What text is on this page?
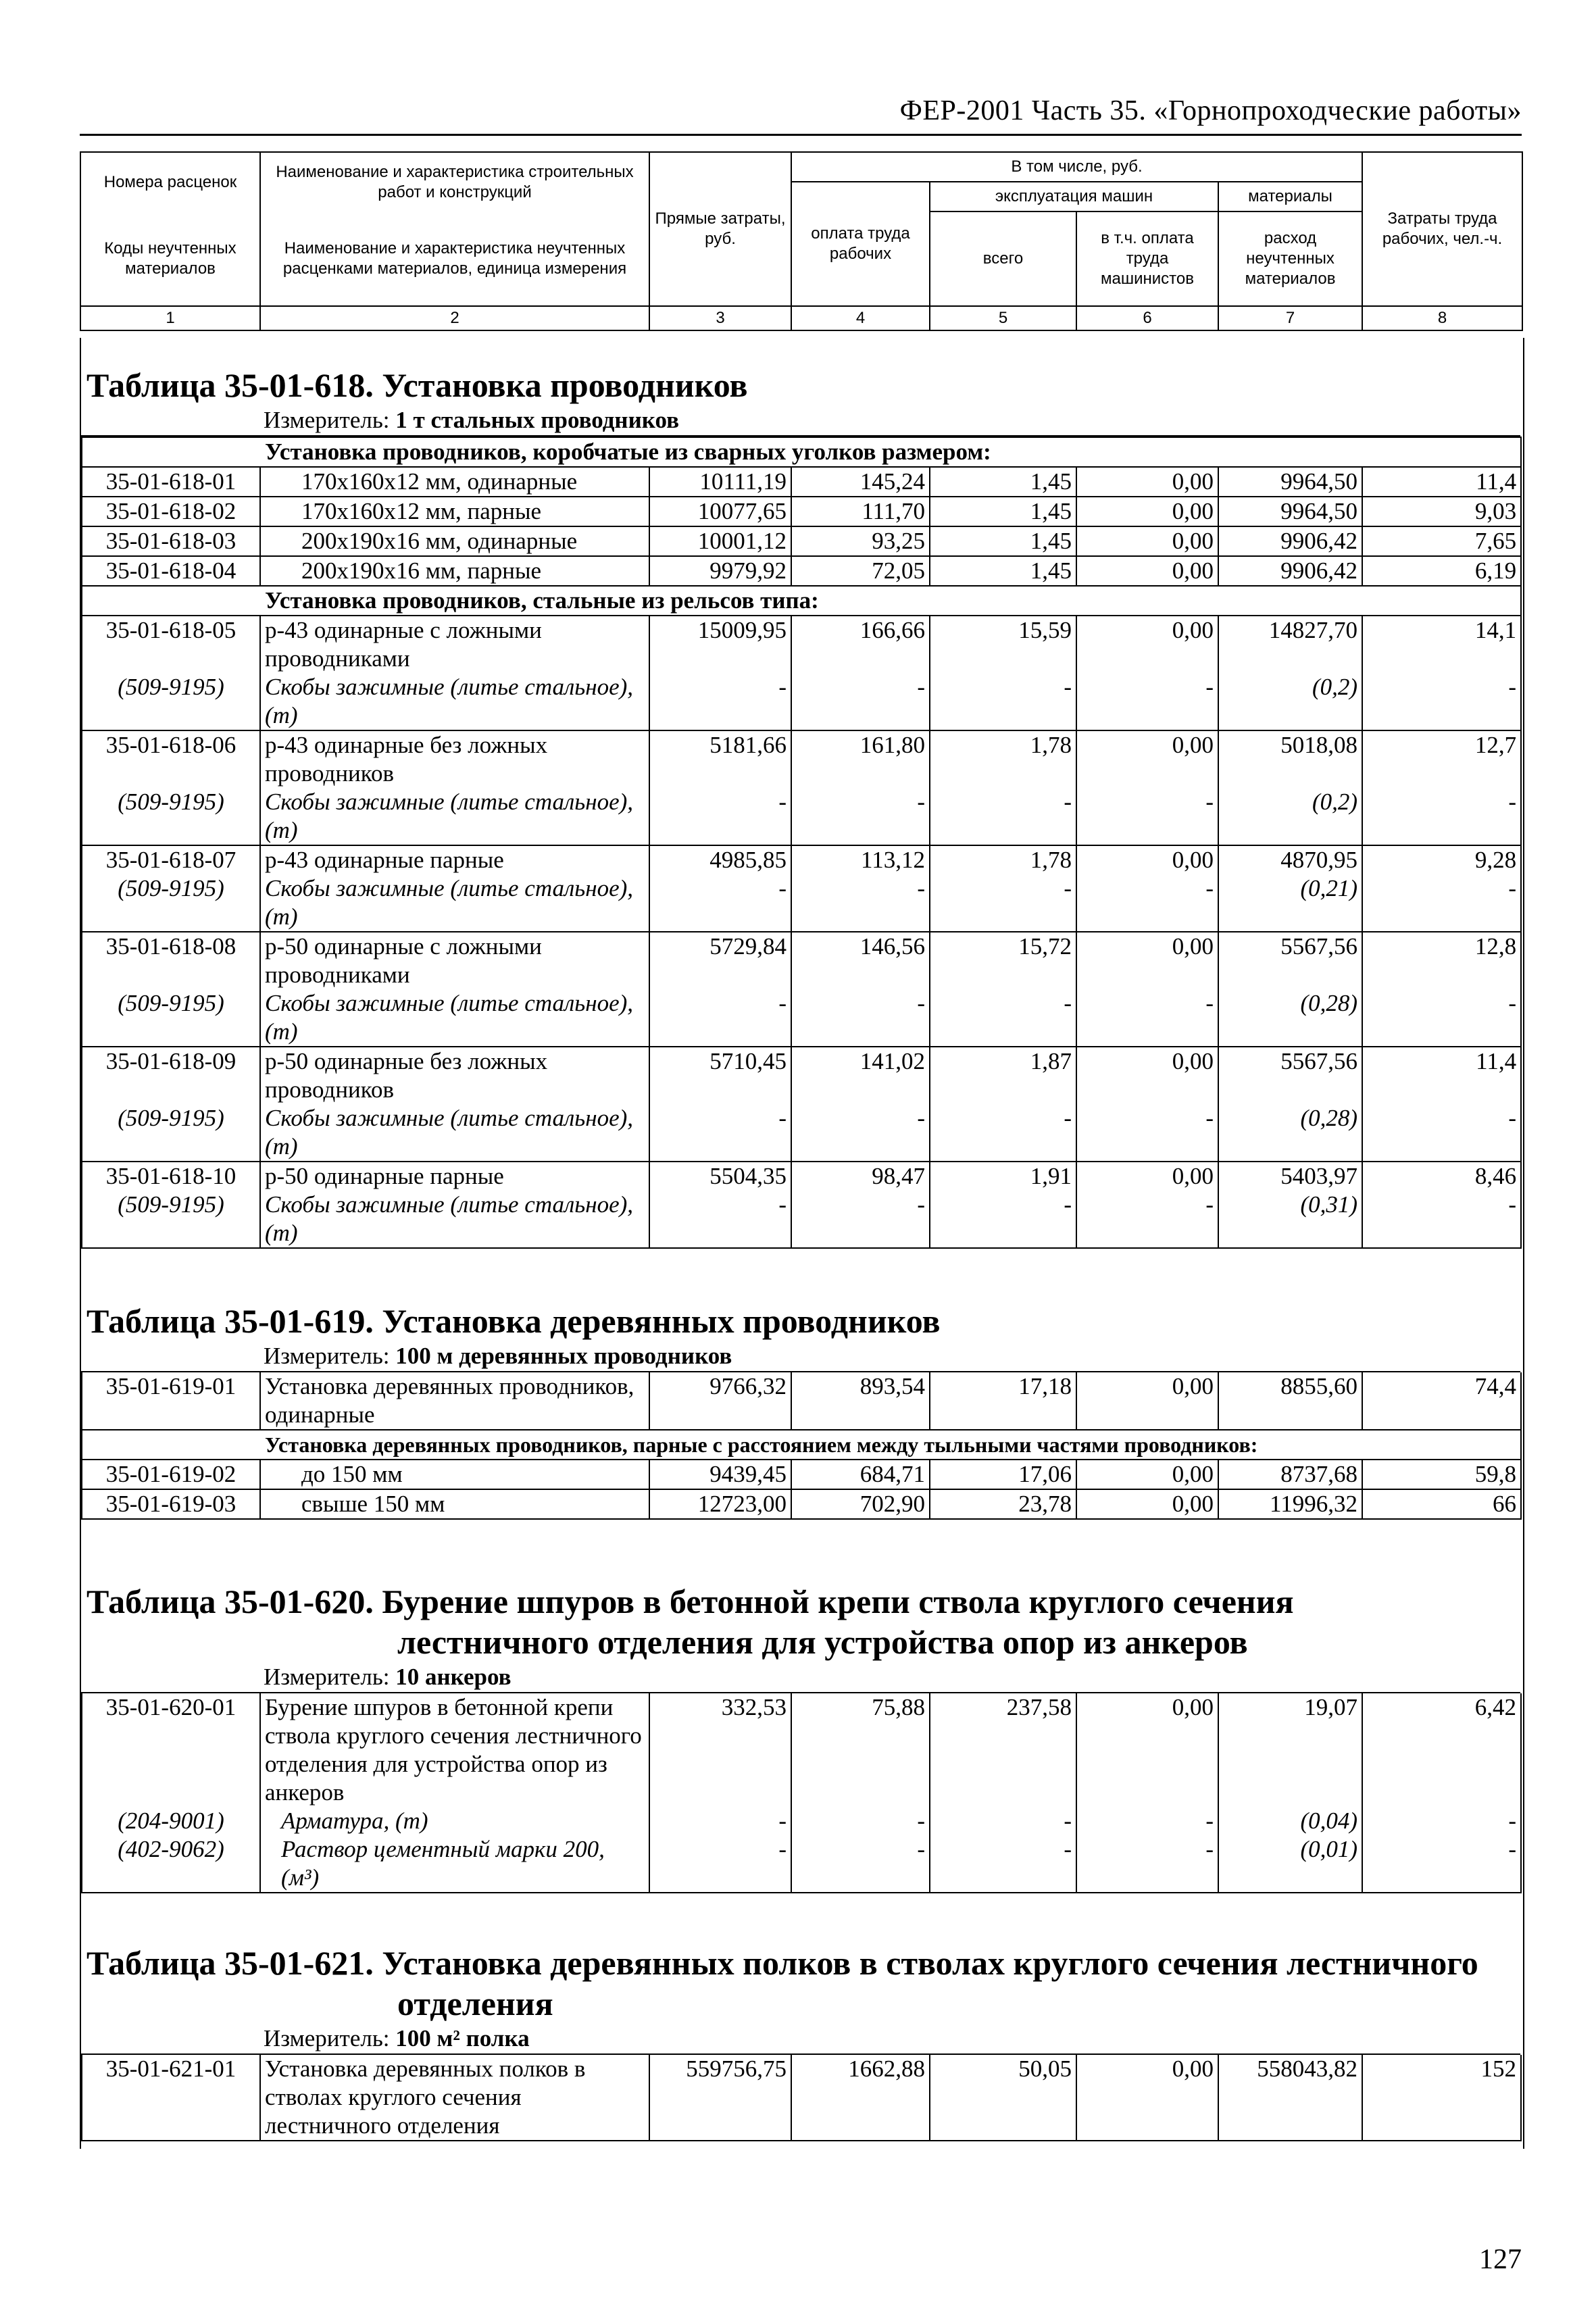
ФЕР-2001 Часть 35. «Горнопроходческие работы»
Номера расценок	Наименование и характеристика строительных работ и конструкций	Прямые затраты, руб.	В том числе, руб.				Затраты труда рабочих, чел.-ч.
			оплата труда рабочих	эксплуатация машин		материалы	
Коды неучтенных материалов	Наименование и характеристика неучтенных расценками материалов, единица измерения			всего	в т.ч. оплата труда машинистов	расход неучтенных материалов	

1	2	3	4	5	6	7	8
Таблица 35-01-618. Установка проводников
Измеритель: 1 т стальных проводников
Установка проводников, коробчатые из сварных уголков размером:							
35-01-618-01	170x160x12 мм, одинарные	10111,19	145,24	1,45	0,00	9964,50	11,4
35-01-618-02	170x160x12 мм, парные	10077,65	111,70	1,45	0,00	9964,50	9,03
35-01-618-03	200x190x16 мм, одинарные	10001,12	93,25	1,45	0,00	9906,42	7,65
35-01-618-04	200x190x16 мм, парные	9979,92	72,05	1,45	0,00	9906,42	6,19
Установка проводников, стальные из рельсов типа:							
35-01-618-05	р-43 одинарные с ложными проводниками	15009,95	166,66	15,59	0,00	14827,70	14,1
(509-9195)	Скобы зажимные (литье стальное), (т)	-	-	-	-	(0,2)	-
35-01-618-06	р-43 одинарные без ложных проводников	5181,66	161,80	1,78	0,00	5018,08	12,7
(509-9195)	Скобы зажимные (литье стальное), (т)	-	-	-	-	(0,2)	-
35-01-618-07	р-43 одинарные парные	4985,85	113,12	1,78	0,00	4870,95	9,28
(509-9195)	Скобы зажимные (литье стальное), (т)	-	-	-	-	(0,21)	-
35-01-618-08	р-50 одинарные с ложными проводниками	5729,84	146,56	15,72	0,00	5567,56	12,8
(509-9195)	Скобы зажимные (литье стальное), (т)	-	-	-	-	(0,28)	-
35-01-618-09	р-50 одинарные без ложных проводников	5710,45	141,02	1,87	0,00	5567,56	11,4
(509-9195)	Скобы зажимные (литье стальное), (т)	-	-	-	-	(0,28)	-
35-01-618-10	р-50 одинарные парные	5504,35	98,47	1,91	0,00	5403,97	8,46
(509-9195)	Скобы зажимные (литье стальное), (т)	-	-	-	-	(0,31)	-
Таблица 35-01-619. Установка деревянных проводников
Измеритель: 100 м деревянных проводников
35-01-619-01	Установка деревянных проводников, одинарные	9766,32	893,54	17,18	0,00	8855,60	74,4
Установка деревянных проводников, парные с расстоянием между тыльными частями проводников:							
35-01-619-02	до 150 мм	9439,45	684,71	17,06	0,00	8737,68	59,8
35-01-619-03	свыше 150 мм	12723,00	702,90	23,78	0,00	11996,32	66
Таблица 35-01-620. Бурение шпуров в бетонной крепи ствола круглого сечения
лестничного отделения для устройства опор из анкеров
Измеритель: 10 анкеров
35-01-620-01	Бурение шпуров в бетонной крепи ствола круглого сечения лестничного отделения для устройства опор из анкеров	332,53	75,88	237,58	0,00	19,07	6,42
(204-9001)	Арматура, (т)	-	-	-	-	(0,04)	-
(402-9062)	Раствор цементный марки 200, (м³)	-	-	-	-	(0,01)	-
Таблица 35-01-621. Установка деревянных полков в стволах круглого сечения лестничного
отделения
Измеритель: 100 м² полка
35-01-621-01	Установка деревянных полков в стволах круглого сечения лестничного отделения	559756,75	1662,88	50,05	0,00	558043,82	152
127
